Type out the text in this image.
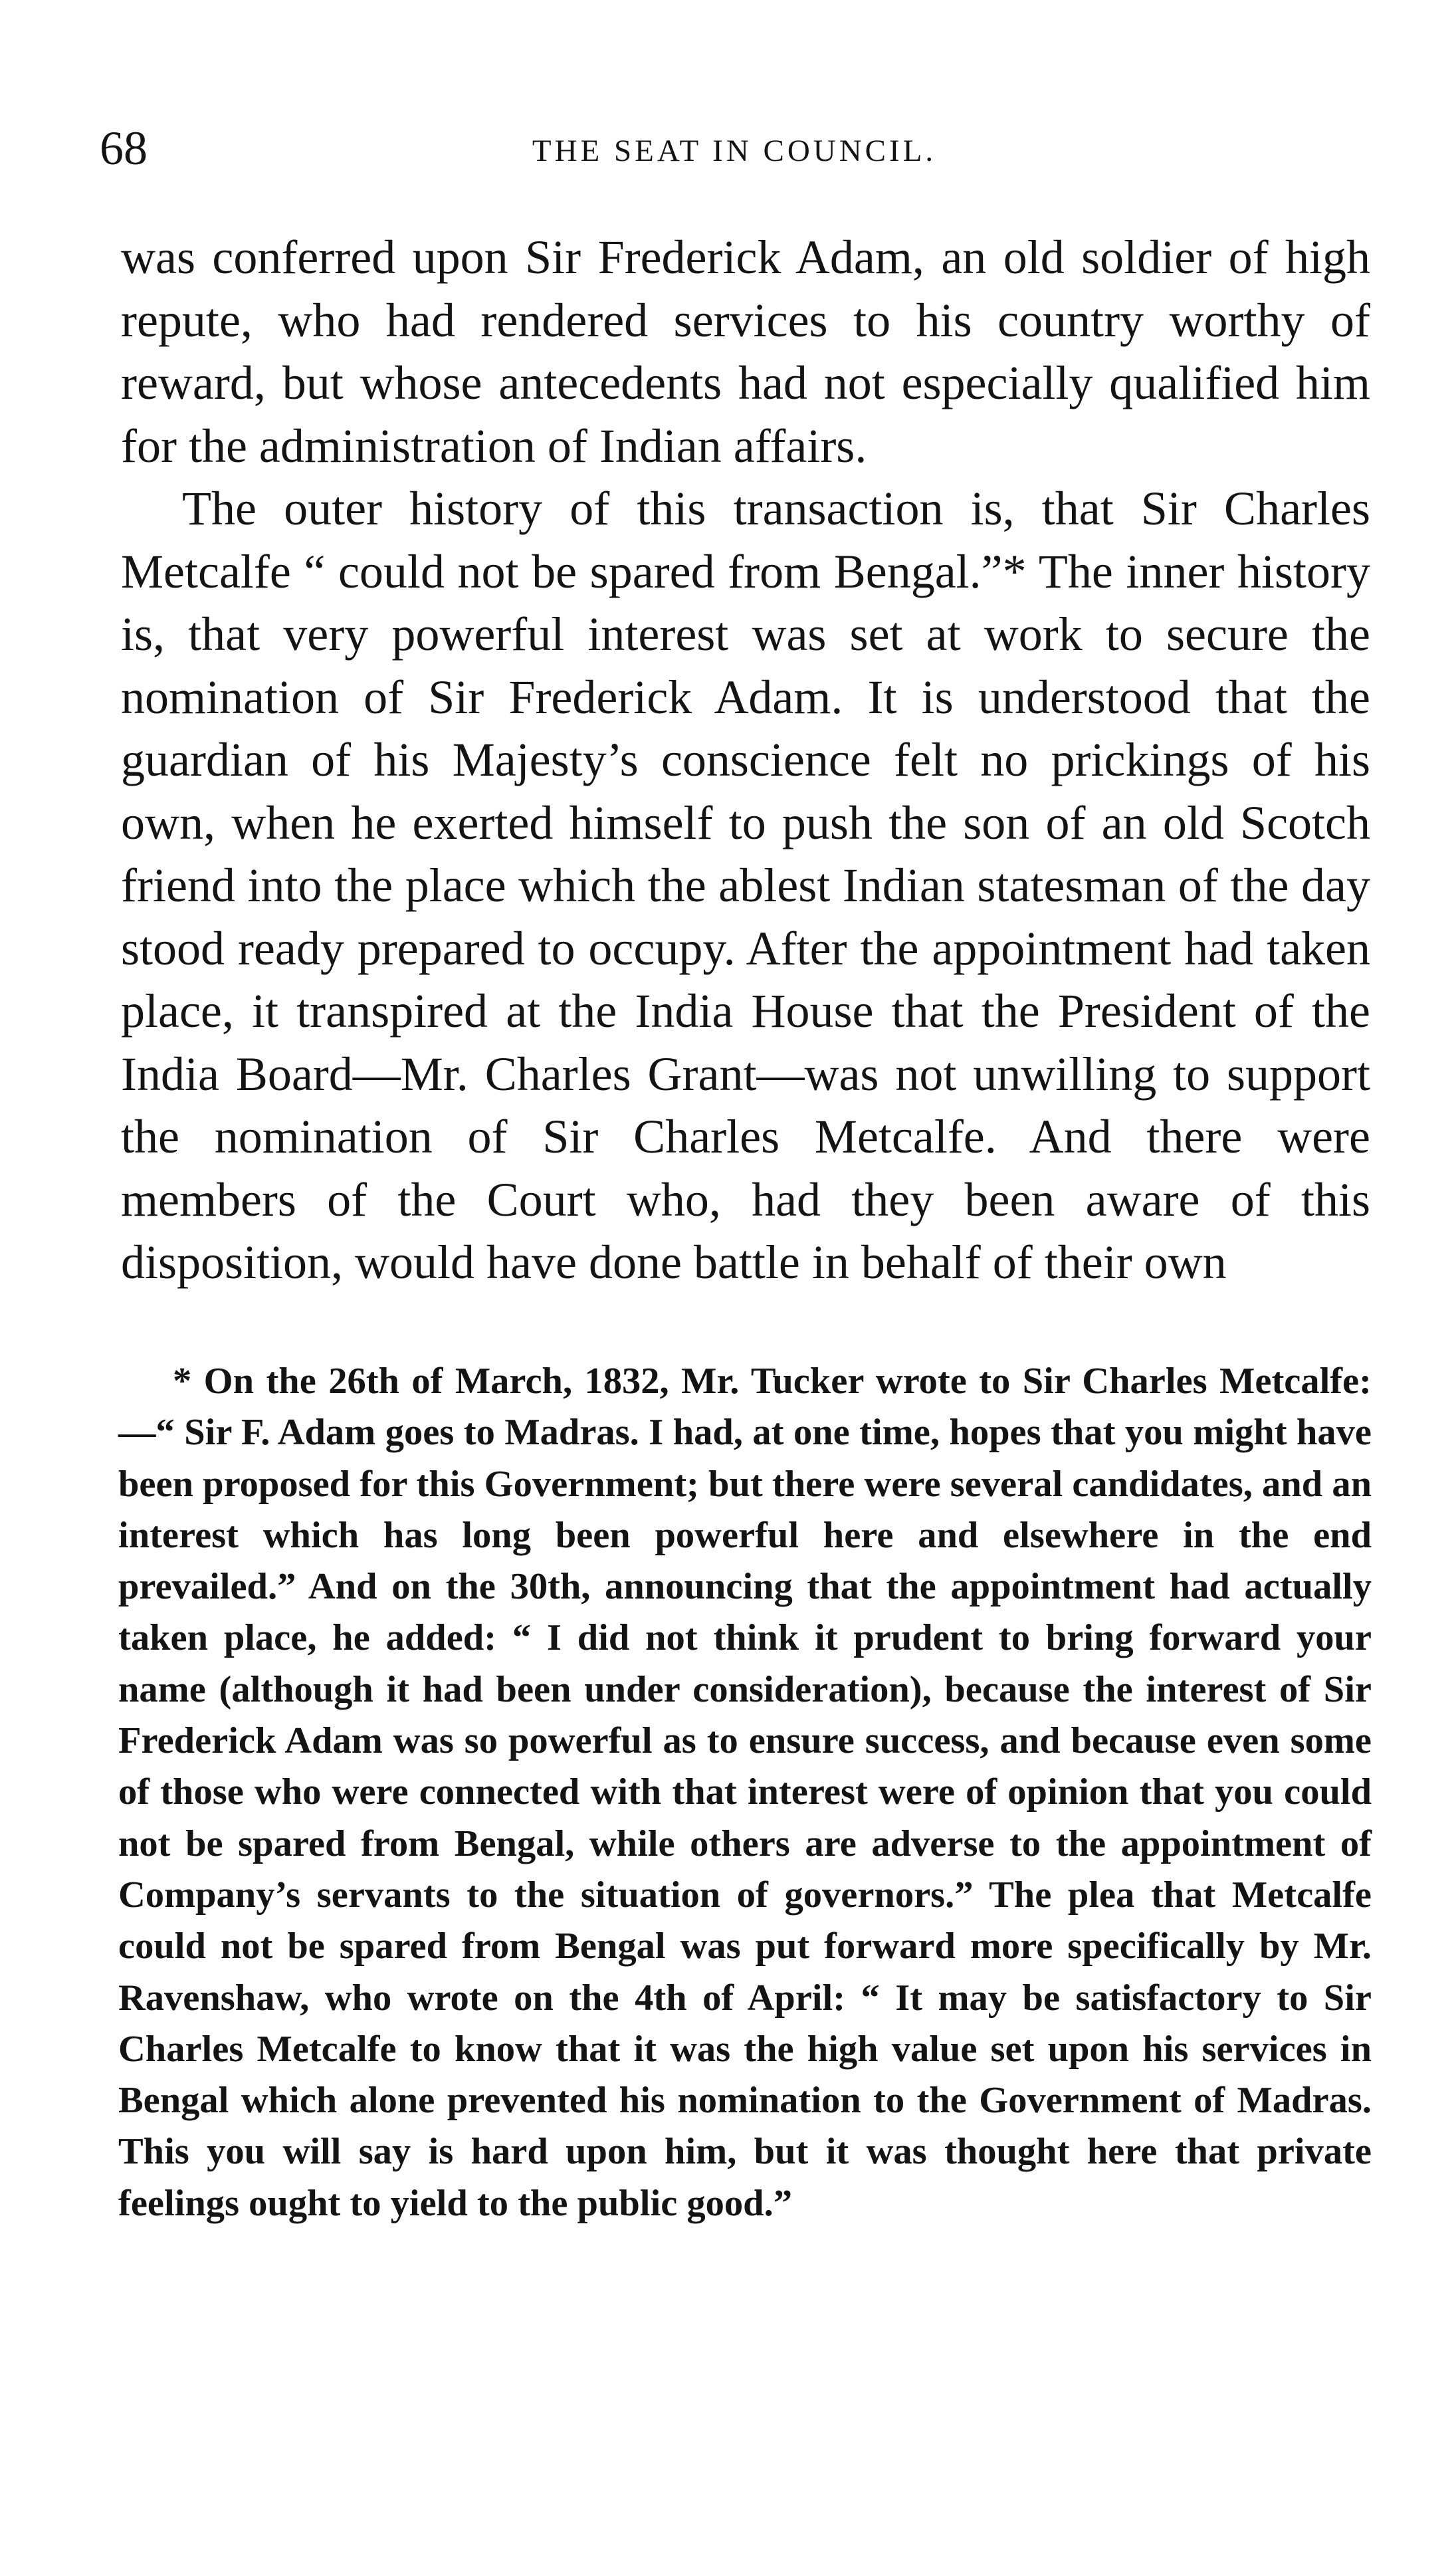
68	THE SEAT IN COUNCIL.

was conferred upon Sir Frederick Adam, an old soldier of high repute, who had rendered services to his country worthy of reward, but whose antecedents had not especially qualified him for the administration of Indian affairs.

The outer history of this transaction is, that Sir Charles Metcalfe “ could not be spared from Bengal.”* The inner history is, that very powerful interest was set at work to secure the nomination of Sir Frederick Adam. It is understood that the guardian of his Majesty’s conscience felt no prickings of his own, when he exerted himself to push the son of an old Scotch friend into the place which the ablest Indian statesman of the day stood ready prepared to occupy. After the appointment had taken place, it transpired at the India House that the President of the India Board—Mr. Charles Grant—was not unwilling to support the nomination of Sir Charles Metcalfe. And there were members of the Court who, had they been aware of this disposition, would have done battle in behalf of their own

* On the 26th of March, 1832, Mr. Tucker wrote to Sir Charles Metcalfe:—“ Sir F. Adam goes to Madras. I had, at one time, hopes that you might have been proposed for this Government; but there were several candidates, and an interest which has long been powerful here and elsewhere in the end prevailed.” And on the 30th, announcing that the appointment had actually taken place, he added: “ I did not think it prudent to bring forward your name (although it had been under consideration), because the interest of Sir Frederick Adam was so powerful as to ensure success, and because even some of those who were connected with that interest were of opinion that you could not be spared from Bengal, while others are adverse to the appointment of Company’s servants to the situation of governors.” The plea that Metcalfe could not be spared from Bengal was put forward more specifically by Mr. Ravenshaw, who wrote on the 4th of April: “ It may be satisfactory to Sir Charles Metcalfe to know that it was the high value set upon his services in Bengal which alone prevented his nomination to the Government of Madras. This you will say is hard upon him, but it was thought here that private feelings ought to yield to the public good.”
